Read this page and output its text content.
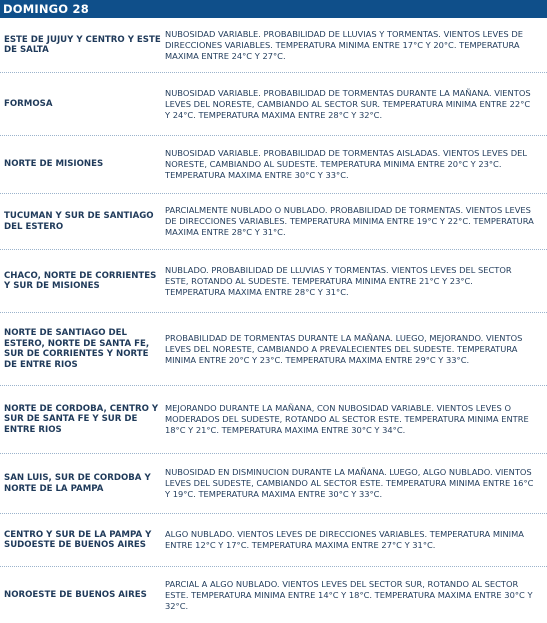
DOMINGO 28
ESTE DE JUJUY Y CENTRO Y ESTE DE SALTA
NUBOSIDAD VARIABLE. PROBABILIDAD DE LLUVIAS Y TORMENTAS. VIENTOS LEVES DE DIRECCIONES VARIABLES. TEMPERATURA MINIMA ENTRE 17°C Y 20°C. TEMPERATURA MAXIMA ENTRE 24°C Y 27°C.
FORMOSA
NUBOSIDAD VARIABLE. PROBABILIDAD DE TORMENTAS DURANTE LA MAÑANA. VIENTOS LEVES DEL NORESTE, CAMBIANDO AL SECTOR SUR. TEMPERATURA MINIMA ENTRE 22°C Y 24°C. TEMPERATURA MAXIMA ENTRE 28°C Y 32°C.
NORTE DE MISIONES
NUBOSIDAD VARIABLE. PROBABILIDAD DE TORMENTAS AISLADAS. VIENTOS LEVES DEL NORESTE, CAMBIANDO AL SUDESTE. TEMPERATURA MINIMA ENTRE 20°C Y 23°C. TEMPERATURA MAXIMA ENTRE 30°C Y 33°C.
TUCUMAN Y SUR DE SANTIAGO DEL ESTERO
PARCIALMENTE NUBLADO O NUBLADO. PROBABILIDAD DE TORMENTAS. VIENTOS LEVES DE DIRECCIONES VARIABLES. TEMPERATURA MINIMA ENTRE 19°C Y 22°C. TEMPERATURA MAXIMA ENTRE 28°C Y 31°C.
CHACO, NORTE DE CORRIENTES Y SUR DE MISIONES
NUBLADO. PROBABILIDAD DE LLUVIAS Y TORMENTAS. VIENTOS LEVES DEL SECTOR ESTE, ROTANDO AL SUDESTE. TEMPERATURA MINIMA ENTRE 21°C Y 23°C. TEMPERATURA MAXIMA ENTRE 28°C Y 31°C.
NORTE DE SANTIAGO DEL ESTERO, NORTE DE SANTA FE, SUR DE CORRIENTES Y NORTE DE ENTRE RIOS
PROBABILIDAD DE TORMENTAS DURANTE LA MAÑANA. LUEGO, MEJORANDO. VIENTOS LEVES DEL NORESTE, CAMBIANDO A PREVALECIENTES DEL SUDESTE. TEMPERATURA MINIMA ENTRE 20°C Y 23°C. TEMPERATURA MAXIMA ENTRE 29°C Y 33°C.
NORTE DE CORDOBA, CENTRO Y SUR DE SANTA FE Y SUR DE ENTRE RIOS
MEJORANDO DURANTE LA MAÑANA, CON NUBOSIDAD VARIABLE. VIENTOS LEVES O MODERADOS DEL SUDESTE, ROTANDO AL SECTOR ESTE. TEMPERATURA MINIMA ENTRE 18°C Y 21°C. TEMPERATURA MAXIMA ENTRE 30°C Y 34°C.
SAN LUIS, SUR DE CORDOBA Y NORTE DE LA PAMPA
NUBOSIDAD EN DISMINUCION DURANTE LA MAÑANA. LUEGO, ALGO NUBLADO. VIENTOS LEVES DEL SUDESTE, CAMBIANDO AL SECTOR ESTE. TEMPERATURA MINIMA ENTRE 16°C Y 19°C. TEMPERATURA MAXIMA ENTRE 30°C Y 33°C.
CENTRO Y SUR DE LA PAMPA Y SUDOESTE DE BUENOS AIRES
ALGO NUBLADO. VIENTOS LEVES DE DIRECCIONES VARIABLES. TEMPERATURA MINIMA ENTRE 12°C Y 17°C. TEMPERATURA MAXIMA ENTRE 27°C Y 31°C.
NOROESTE DE BUENOS AIRES
PARCIAL A ALGO NUBLADO. VIENTOS LEVES DEL SECTOR SUR, ROTANDO AL SECTOR ESTE. TEMPERATURA MINIMA ENTRE 14°C Y 18°C. TEMPERATURA MAXIMA ENTRE 30°C Y 32°C.
